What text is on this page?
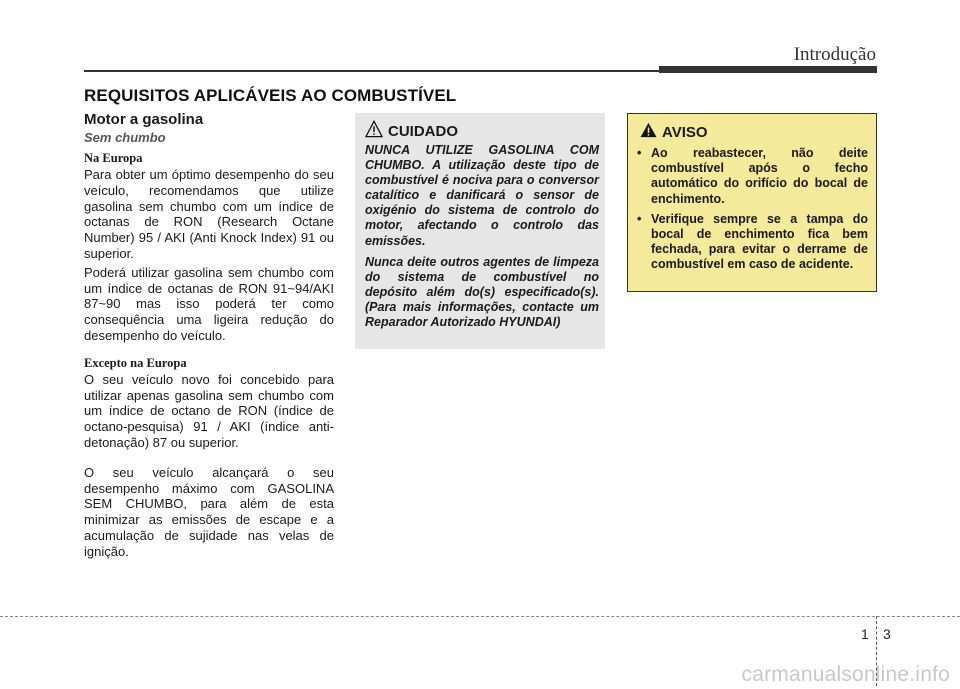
Introdução
REQUISITOS APLICÁVEIS AO COMBUSTÍVEL

Motor a gasolina

Sem chumbo

Na Europa

Para obter um óptimo desempenho do seu veículo, recomendamos que utilize gasolina sem chumbo com um índice de octanas de RON (Research Octane Number) 95 / AKI (Anti Knock Index) 91 ou superior.

Poderá utilizar gasolina sem chumbo com um índice de octanas de RON 91~94/AKI 87~90 mas isso poderá ter como consequência uma ligeira redução do desempenho do veículo.

Excepto na Europa

O seu veículo novo foi concebido para utilizar apenas gasolina sem chumbo com um índice de octano de RON (índice de octano-pesquisa) 91 / AKI (índice anti-detonação) 87 ou superior.

O seu veículo alcançará o seu desempenho máximo com GASOLINA SEM CHUMBO, para além de esta minimizar as emissões de escape e a acumulação de sujidade nas velas de ignição.

CUIDADO

NUNCA UTILIZE GASOLINA COM CHUMBO. A utilização deste tipo de combustível é nociva para o conversor catalítico e danificará o sensor de oxigénio do sistema de controlo do motor, afectando o controlo das emissões.

Nunca deite outros agentes de limpeza do sistema de combustível no depósito além do(s) especificado(s). (Para mais informações, contacte um Reparador Autorizado HYUNDAI)

AVISO
• Ao reabastecer, não deite combustível após o fecho automático do orifício do bocal de enchimento.
• Verifique sempre se a tampa do bocal de enchimento fica bem fechada, para evitar o derrame de combustível em caso de acidente.
1 3
carmanualsonline.info
